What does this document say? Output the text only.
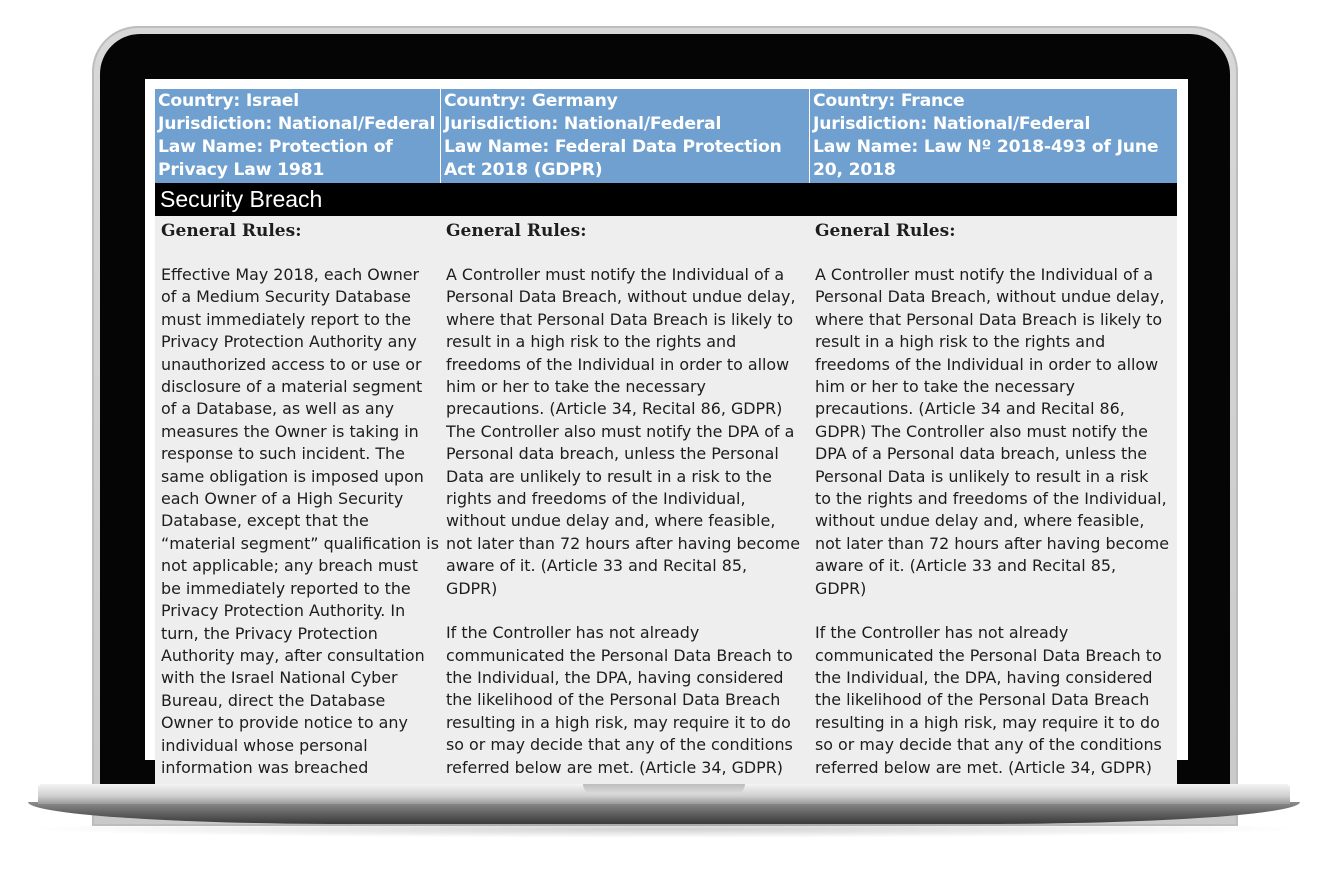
Country: Israel
Jurisdiction: National/Federal
Law Name: Protection of
Privacy Law 1981
Country: Germany
Jurisdiction: National/Federal
Law Name: Federal Data Protection
Act 2018 (GDPR)
Country: France
Jurisdiction: National/Federal
Law Name: Law Nº 2018-493 of June
20, 2018
Security Breach
General Rules:
Effective May 2018, each Owner
of a Medium Security Database
must immediately report to the
Privacy Protection Authority any
unauthorized access to or use or
disclosure of a material segment
of a Database, as well as any
measures the Owner is taking in
response to such incident. The
same obligation is imposed upon
each Owner of a High Security
Database, except that the
“material segment” qualification is
not applicable; any breach must
be immediately reported to the
Privacy Protection Authority. In
turn, the Privacy Protection
Authority may, after consultation
with the Israel National Cyber
Bureau, direct the Database
Owner to provide notice to any
individual whose personal
information was breached
General Rules:
A Controller must notify the Individual of a
Personal Data Breach, without undue delay,
where that Personal Data Breach is likely to
result in a high risk to the rights and
freedoms of the Individual in order to allow
him or her to take the necessary
precautions. (Article 34, Recital 86, GDPR)
The Controller also must notify the DPA of a
Personal data breach, unless the Personal
Data are unlikely to result in a risk to the
rights and freedoms of the Individual,
without undue delay and, where feasible,
not later than 72 hours after having become
aware of it. (Article 33 and Recital 85,
GDPR)
If the Controller has not already
communicated the Personal Data Breach to
the Individual, the DPA, having considered
the likelihood of the Personal Data Breach
resulting in a high risk, may require it to do
so or may decide that any of the conditions
referred below are met. (Article 34, GDPR)
General Rules:
A Controller must notify the Individual of a
Personal Data Breach, without undue delay,
where that Personal Data Breach is likely to
result in a high risk to the rights and
freedoms of the Individual in order to allow
him or her to take the necessary
precautions. (Article 34 and Recital 86,
GDPR) The Controller also must notify the
DPA of a Personal data breach, unless the
Personal Data is unlikely to result in a risk
to the rights and freedoms of the Individual,
without undue delay and, where feasible,
not later than 72 hours after having become
aware of it. (Article 33 and Recital 85,
GDPR)
If the Controller has not already
communicated the Personal Data Breach to
the Individual, the DPA, having considered
the likelihood of the Personal Data Breach
resulting in a high risk, may require it to do
so or may decide that any of the conditions
referred below are met. (Article 34, GDPR)
